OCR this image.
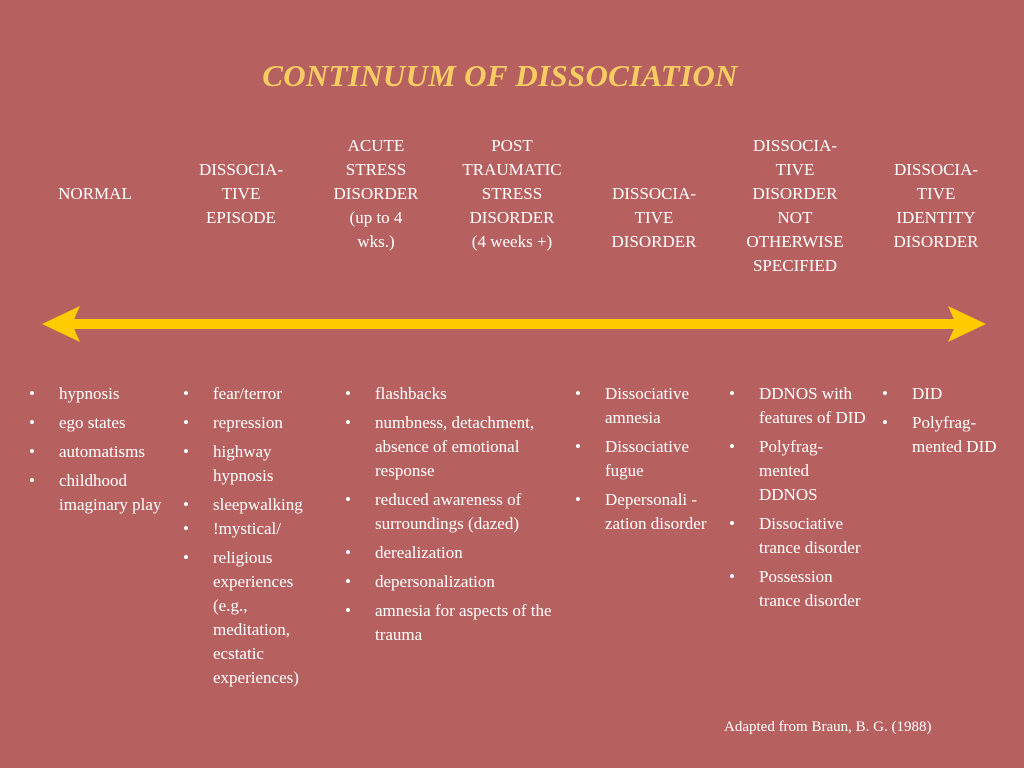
CONTINUUM OF DISSOCIATION
NORMAL
DISSOCIA-
TIVE
EPISODE
ACUTE
STRESS
DISORDER
(up to 4
wks.)
POST
TRAUMATIC
STRESS
DISORDER
(4 weeks +)
DISSOCIA-
TIVE
DISORDER
DISSOCIA-
TIVE
DISORDER
NOT
OTHERWISE
SPECIFIED
DISSOCIA-
TIVE
IDENTITY
DISORDER
• hypnosis
• ego states
• automatisms
• childhood imaginary play
• fear/terror
• repression
• highway hypnosis
• sleepwalking
• !mystical/
• religious experiences (e.g., meditation, ecstatic experiences)
• flashbacks
• numbness, detachment, absence of emotional response
• reduced awareness of surroundings (dazed)
• derealization
• depersonalization
• amnesia for aspects of the trauma
• Dissociative amnesia
• Dissociative fugue
• Depersonali -zation disorder
• DDNOS with features of DID
• Polyfrag-mented DDNOS
• Dissociative trance disorder
• Possession trance disorder
• DID
• Polyfrag-mented DID
Adapted from Braun, B. G. (1988)
